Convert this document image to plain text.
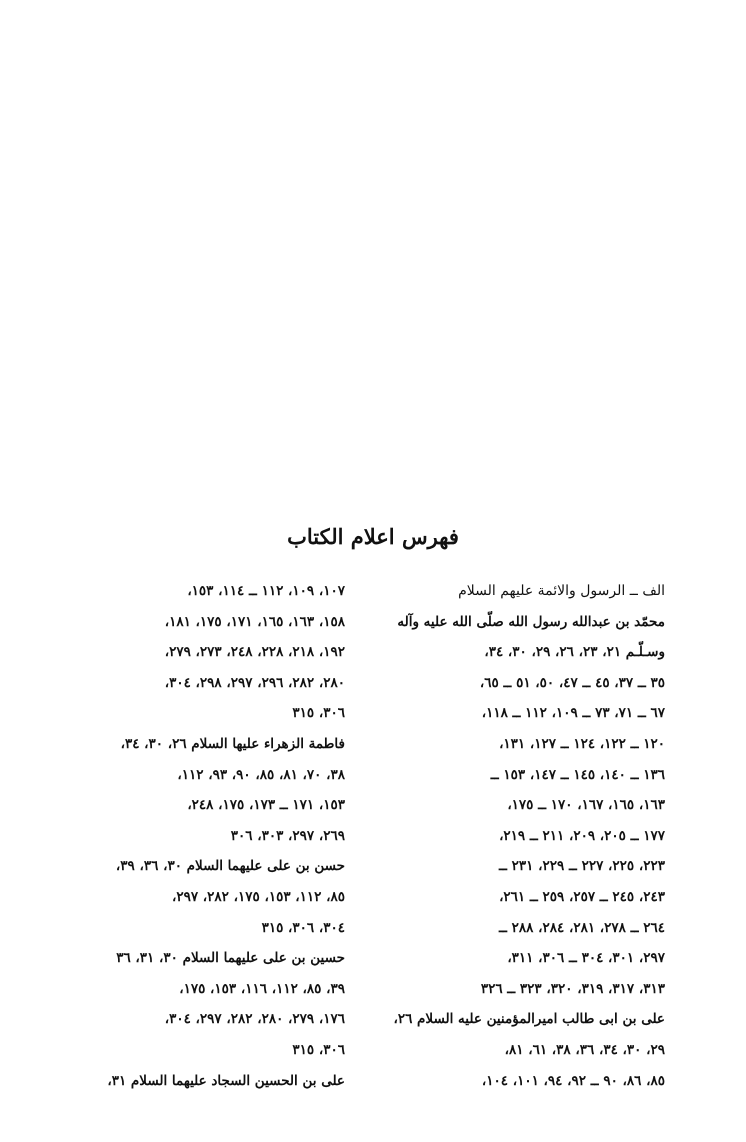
فهرس اعلام الكتاب
الف ــ الرسول والائمة عليهم السلام
محمّد بن عبدالله رسول الله صلّى الله عليه وآله
وسـلّـم ٢١، ٢٣، ٢٦، ٢٩، ٣٠، ٣٤،
٣٥ ــ ٣٧، ٤٥ ــ ٤٧، ٥٠، ٥١ ــ ٦٥،
٦٧ ــ ٧١، ٧٣ ــ ١٠٩، ١١٢ ــ ١١٨،
١٢٠ ــ ١٢٢، ١٢٤ ــ ١٢٧، ١٣١،
١٣٦ ــ ١٤٠، ١٤٥ ــ ١٤٧، ١٥٣ ــ
١٦٣، ١٦٥، ١٦٧، ١٧٠ ــ ١٧٥،
١٧٧ ــ ٢٠٥، ٢٠٩، ٢١١ ــ ٢١٩،
٢٢٣، ٢٢٥، ٢٢٧ ــ ٢٢٩، ٢٣١ ــ
٢٤٣، ٢٤٥ ــ ٢٥٧، ٢٥٩ ــ ٢٦١،
٢٦٤ ــ ٢٧٨، ٢٨١، ٢٨٤، ٢٨٨ ــ
٢٩٧، ٣٠١، ٣٠٤ ــ ٣٠٦، ٣١١،
٣١٣، ٣١٧، ٣١٩، ٣٢٠، ٣٢٣ ــ ٣٢٦
على بن ابى طالب اميرالمؤمنين عليه السلام ٢٦،
٢٩، ٣٠، ٣٤، ٣٦، ٣٨، ٦١، ٨١،
٨٥، ٨٦، ٩٠ ــ ٩٢، ٩٤، ١٠١، ١٠٤،
١٠٧، ١٠٩، ١١٢ ــ ١١٤، ١٥٣،
١٥٨، ١٦٣، ١٦٥، ١٧١، ١٧٥، ١٨١،
١٩٢، ٢١٨، ٢٢٨، ٢٤٨، ٢٧٣، ٢٧٩،
٢٨٠، ٢٨٢، ٢٩٦، ٢٩٧، ٢٩٨، ٣٠٤،
٣٠٦، ٣١٥
فاطمة الزهراء عليها السلام ٢٦، ٣٠، ٣٤،
٣٨، ٧٠، ٨١، ٨٥، ٩٠، ٩٣، ١١٢،
١٥٣، ١٧١ ــ ١٧٣، ١٧٥، ٢٤٨،
٢٦٩، ٢٩٧، ٣٠٣، ٣٠٦
حسن بن على عليهما السلام ٣٠، ٣٦، ٣٩،
٨٥، ١١٢، ١٥٣، ١٧٥، ٢٨٢، ٢٩٧،
٣٠٤، ٣٠٦، ٣١٥
حسين بن على عليهما السلام ٣٠، ٣١، ٣٦
٣٩، ٨٥، ١١٢، ١١٦، ١٥٣، ١٧٥،
١٧٦، ٢٧٩، ٢٨٠، ٢٨٢، ٢٩٧، ٣٠٤،
٣٠٦، ٣١٥
على بن الحسين السجاد عليهما السلام ٣١،
